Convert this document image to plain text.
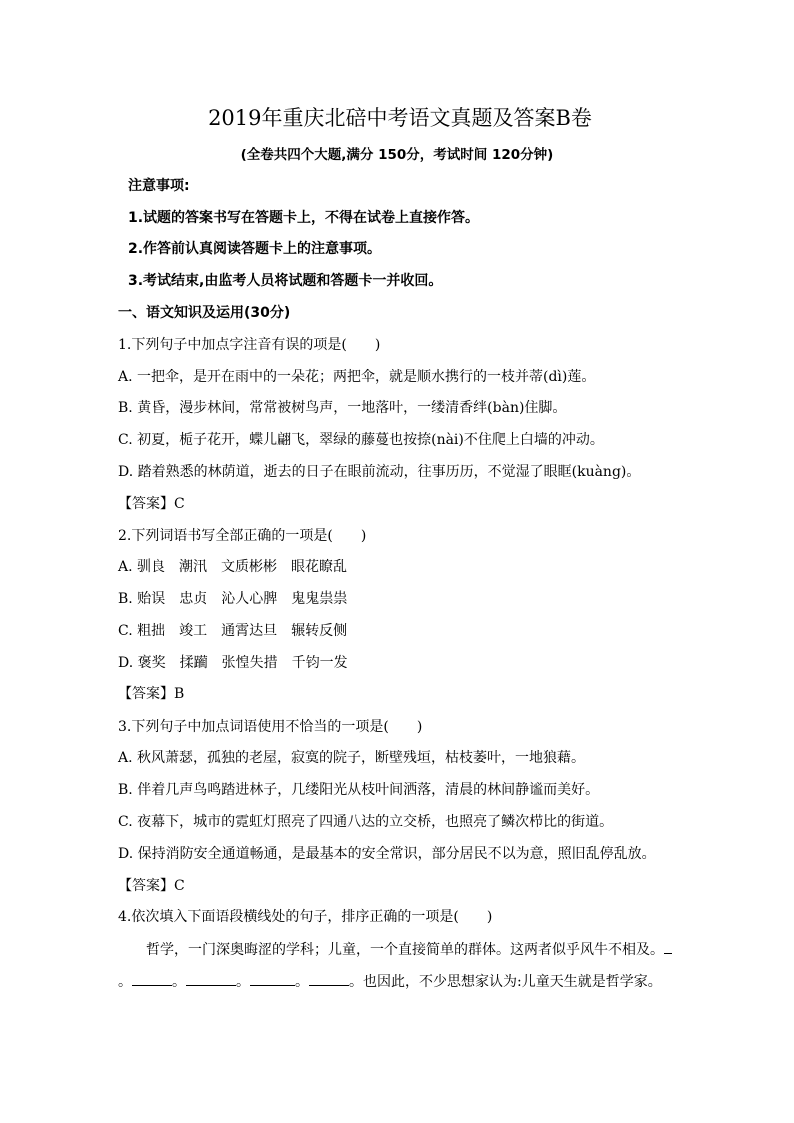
2019年重庆北碚中考语文真题及答案B卷
(全卷共四个大题,满分 150分，考试时间 120分钟)
注意事项:
1.试题的答案书写在答题卡上，不得在试卷上直接作答。
2.作答前认真阅读答题卡上的注意事项。
3.考试结束,由监考人员将试题和答题卡一并收回。
一、语文知识及运用(30分)
1.下列句子中加点字注音有误的项是(　　)
A. 一把伞，是开在雨中的一朵花；两把伞，就是顺水携行的一枝并蒂(dì)莲。
B. 黄昏，漫步林间，常常被树鸟声，一地落叶，一缕清香绊(bàn)住脚。
C. 初夏，栀子花开，蝶儿翩飞，翠绿的藤蔓也按捺(nài)不住爬上白墙的冲动。
D. 踏着熟悉的林荫道，逝去的日子在眼前流动，往事历历，不觉湿了眼眶(kuàng)。
【答案】C
2.下列词语书写全部正确的一项是(　　)
A. 驯良　潮汛　文质彬彬　眼花瞭乱
B. 贻误　忠贞　沁人心脾　鬼鬼祟祟
C. 粗拙　竣工　通霄达旦　辗转反侧
D. 褒奖　揉躏　张惶失措　千钧一发
【答案】B
3.下列句子中加点词语使用不恰当的一项是(　　)
A. 秋风萧瑟，孤独的老屋，寂寞的院子，断壁残垣，枯枝萎叶，一地狼藉。
B. 伴着几声鸟鸣踏进林子，几缕阳光从枝叶间洒落，清晨的林间静谧而美好。
C. 夜幕下，城市的霓虹灯照亮了四通八达的立交桥，也照亮了鳞次栉比的街道。
D. 保持消防安全通道畅通，是最基本的安全常识，部分居民不以为意，照旧乱停乱放。
【答案】C
4.依次填入下面语段横线处的句子，排序正确的一项是(　　)
哲学，一门深奥晦涩的学科；儿童，一个直接简单的群体。这两者似乎风牛不相及。
。	。	。	。	。也因此，不少思想家认为:儿童天生就是哲学家。
